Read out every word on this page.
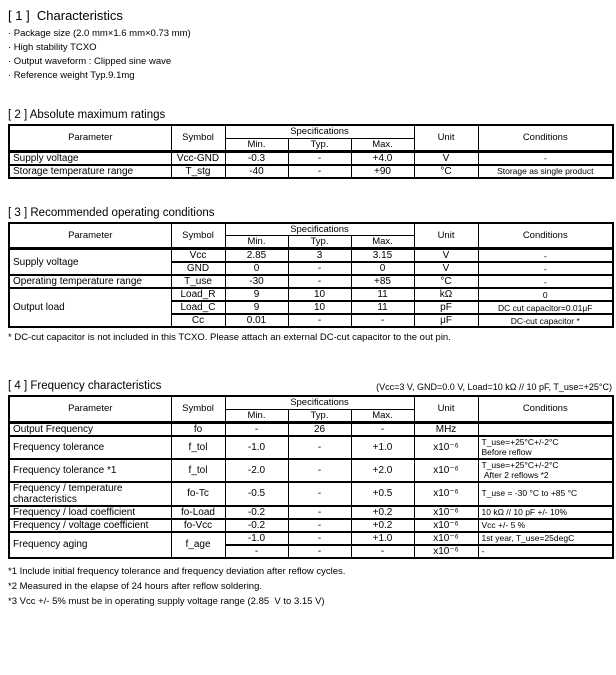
[ 1 ]  Characteristics
· Package size (2.0 mm×1.6 mm×0.73 mm)
· High stability TCXO
· Output waveform : Clipped sine wave
· Reference weight Typ.9.1mg
[ 2 ] Absolute maximum ratings
Parameter	Symbol	Specifications			Unit	Conditions
		Min.	Typ.	Max.		
Supply voltage	Vcc-GND	-0.3	-	+4.0	V	-
Storage temperature range	T_stg	-40	-	+90	°C	Storage as single product
[ 3 ] Recommended operating conditions
Parameter	Symbol	Specifications			Unit	Conditions
		Min.	Typ.	Max.		
Supply voltage	Vcc	2.85	3	3.15	V	-
	GND	0	-	0	V	-
Operating temperature range	T_use	-30	-	+85	°C	-
Output load	Load_R	9	10	11	kΩ	0
	Load_C	9	10	11	pF	DC cut capacitor=0.01μF
	Cc	0.01	-	-	μF	DC-cut capacitor *
* DC-cut capacitor is not included in this TCXO. Please attach an external DC-cut capacitor to the out pin.
[ 4 ] Frequency characteristics	(Vcc=3 V, GND=0.0 V, Load=10 kΩ // 10 pF, T_use=+25°C)
Parameter	Symbol	Specifications			Unit	Conditions
		Min.	Typ.	Max.		
Output Frequency	fo	-	26	-	MHz	
Frequency tolerance	f_tol	-1.0	-	+1.0	x10⁻⁶	T_use=+25°C+/-2°C
Before reflow

Frequency tolerance *1	f_tol	-2.0	-	+2.0	x10⁻⁶	T_use=+25°C+/-2°C
After 2 reflows *2

Frequency / temperature characteristics	fo-Tc	-0.5	-	+0.5	x10⁻⁶	T_use = -30 °C to +85 °C
Frequency / load coefficient	fo-Load	-0.2	-	+0.2	x10⁻⁶	10 kΩ // 10 pF +/- 10%
Frequency / voltage coefficient	fo-Vcc	-0.2	-	+0.2	x10⁻⁶	Vcc +/- 5 %
Frequency aging	f_age	-1.0	-	+1.0	x10⁻⁶	1st year, T_use=25degC
		-	-	-	x10⁻⁶	-
*1 Include initial frequency tolerance and frequency deviation after reflow cycles.
*2 Measured in the elapse of 24 hours after reflow soldering.
*3 Vcc +/- 5% must be in operating supply voltage range (2.85  V to 3.15 V)
